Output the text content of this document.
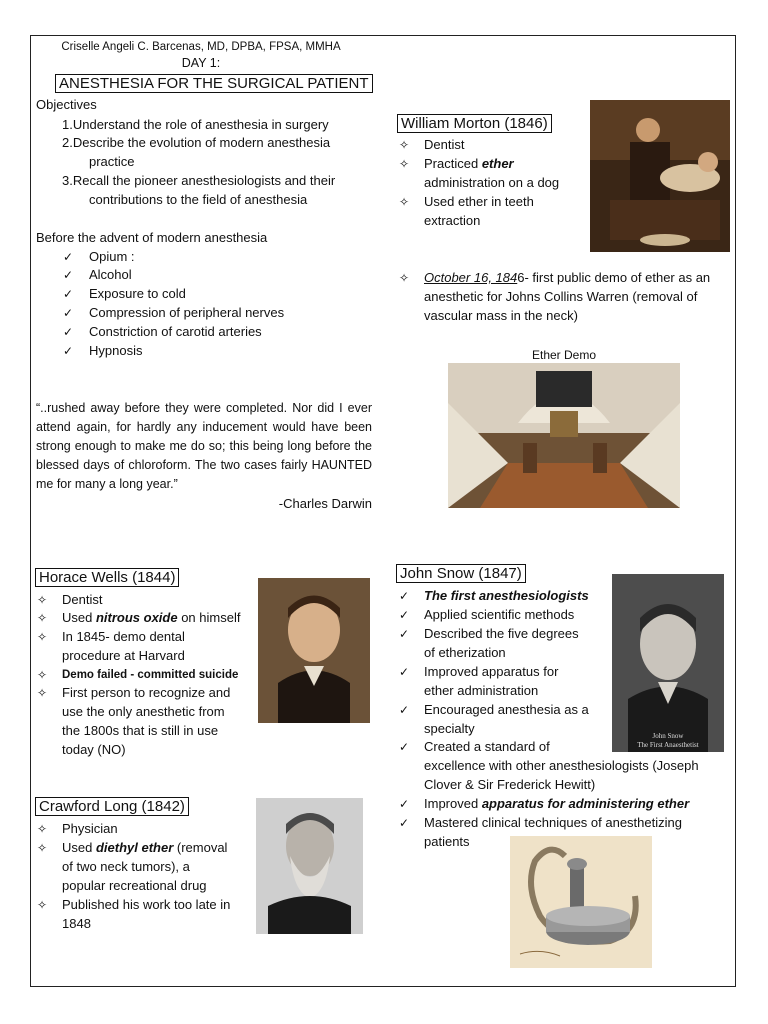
Criselle Angeli C. Barcenas, MD, DPBA, FPSA, MMHA
DAY 1:
ANESTHESIA FOR THE SURGICAL PATIENT
Objectives
1.Understand the role of anesthesia in surgery
2.Describe the evolution of modern anesthesia
practice
3.Recall the pioneer anesthesiologists and their
contributions to the field of anesthesia
Before the advent of modern anesthesia
✓ Opium :
✓ Alcohol
✓ Exposure to cold
✓ Compression of peripheral nerves
✓ Constriction of carotid arteries
✓ Hypnosis
“..rushed away before they were completed. Nor did I ever attend again, for hardly any inducement would have been strong enough to make me do so; this being long before the blessed days of chloroform. The two cases fairly HAUNTED me for many a long year.”
-Charles Darwin
William Morton (1846)
✧ Dentist
✧ Practiced ether
administration on a dog
✧ Used ether in teeth
extraction
✧ October 16, 1846- first public demo of ether as an
anesthetic for Johns Collins Warren (removal of
vascular mass in the neck)
Ether Demo
Horace Wells (1844)
✧ Dentist
✧ Used nitrous oxide on himself
✧ In 1845- demo dental
procedure at Harvard
✧ Demo failed - committed suicide
✧ First person to recognize and
use the only anesthetic from
the 1800s that is still in use
today (NO)
Crawford Long (1842)
✧ Physician
✧ Used diethyl ether (removal
of two neck tumors), a
popular recreational drug
✧ Published his work too late in
1848
John Snow (1847)
✓ The first anesthesiologists
✓ Applied scientific methods
✓ Described the five degrees
of etherization
✓ Improved apparatus for
ether administration
✓ Encouraged anesthesia as a
specialty
✓ Created a standard of
excellence with other anesthesiologists (Joseph
Clover & Sir Frederick Hewitt)
✓ Improved apparatus for administering ether
✓ Mastered clinical techniques of anesthetizing
patients
John Snow
The First Anaesthetist
